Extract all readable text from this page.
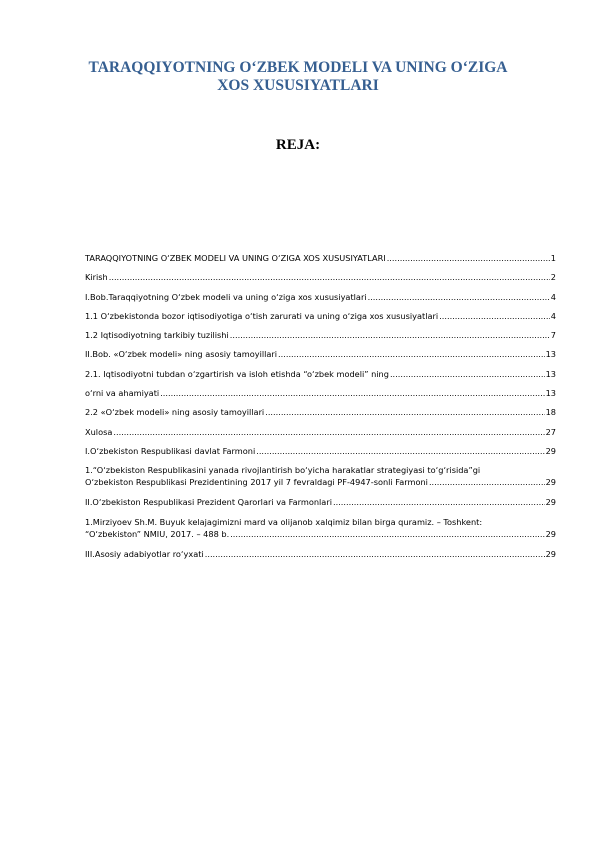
TARAQQIYOTNING O‘ZBEK MODELI VA UNING O‘ZIGA
XOS XUSUSIYATLARI
REJA:
TARAQQIYOTNING O‘ZBEK MODELI VA UNING O‘ZIGA XOS XUSUSIYATLARI .....	1
Kirish .....	2
I.Bob.Taraqqiyotning O‘zbek modeli va uning o‘ziga xos xususiyatlari .....	4
1.1 O‘zbekistonda bozor iqtisodiyotiga o‘tish zarurati va uning o‘ziga xos xususiyatlari .....	4
1.2 Iqtisodiyotning tarkibiy tuzilishi .....	7
II.Bob. «O‘zbek modeli» ning asosiy tamoyillari .....	13
2.1. Iqtisodiyotni tubdan o‘zgartirish va isloh etishda “o‘zbek modeli” ning .....	13
o‘rni va ahamiyati .....	13
2.2 «O‘zbek modeli» ning asosiy tamoyillari .....	18
Xulosa .....	27
I.O‘zbekiston Respublikasi davlat Farmoni .....	29
1.“O‘zbekiston Respublikasini yanada rivojlantirish bo‘yicha harakatlar strategiyasi to‘g‘risida”gi
O‘zbekiston Respublikasi Prezidentining 2017 yil 7 fevraldagi PF-4947-sonli Farmoni .....	29
II.O‘zbekiston Respublikasi Prezident Qarorlari va Farmonlari .....	29
1.Mirziyoev Sh.M. Buyuk kelajagimizni mard va olijanob xalqimiz bilan birga quramiz. – Toshkent:
“O‘zbekiston” NMIU, 2017. – 488 b. .....	29
III.Asosiy adabiyotlar ro‘yxati .....	29
